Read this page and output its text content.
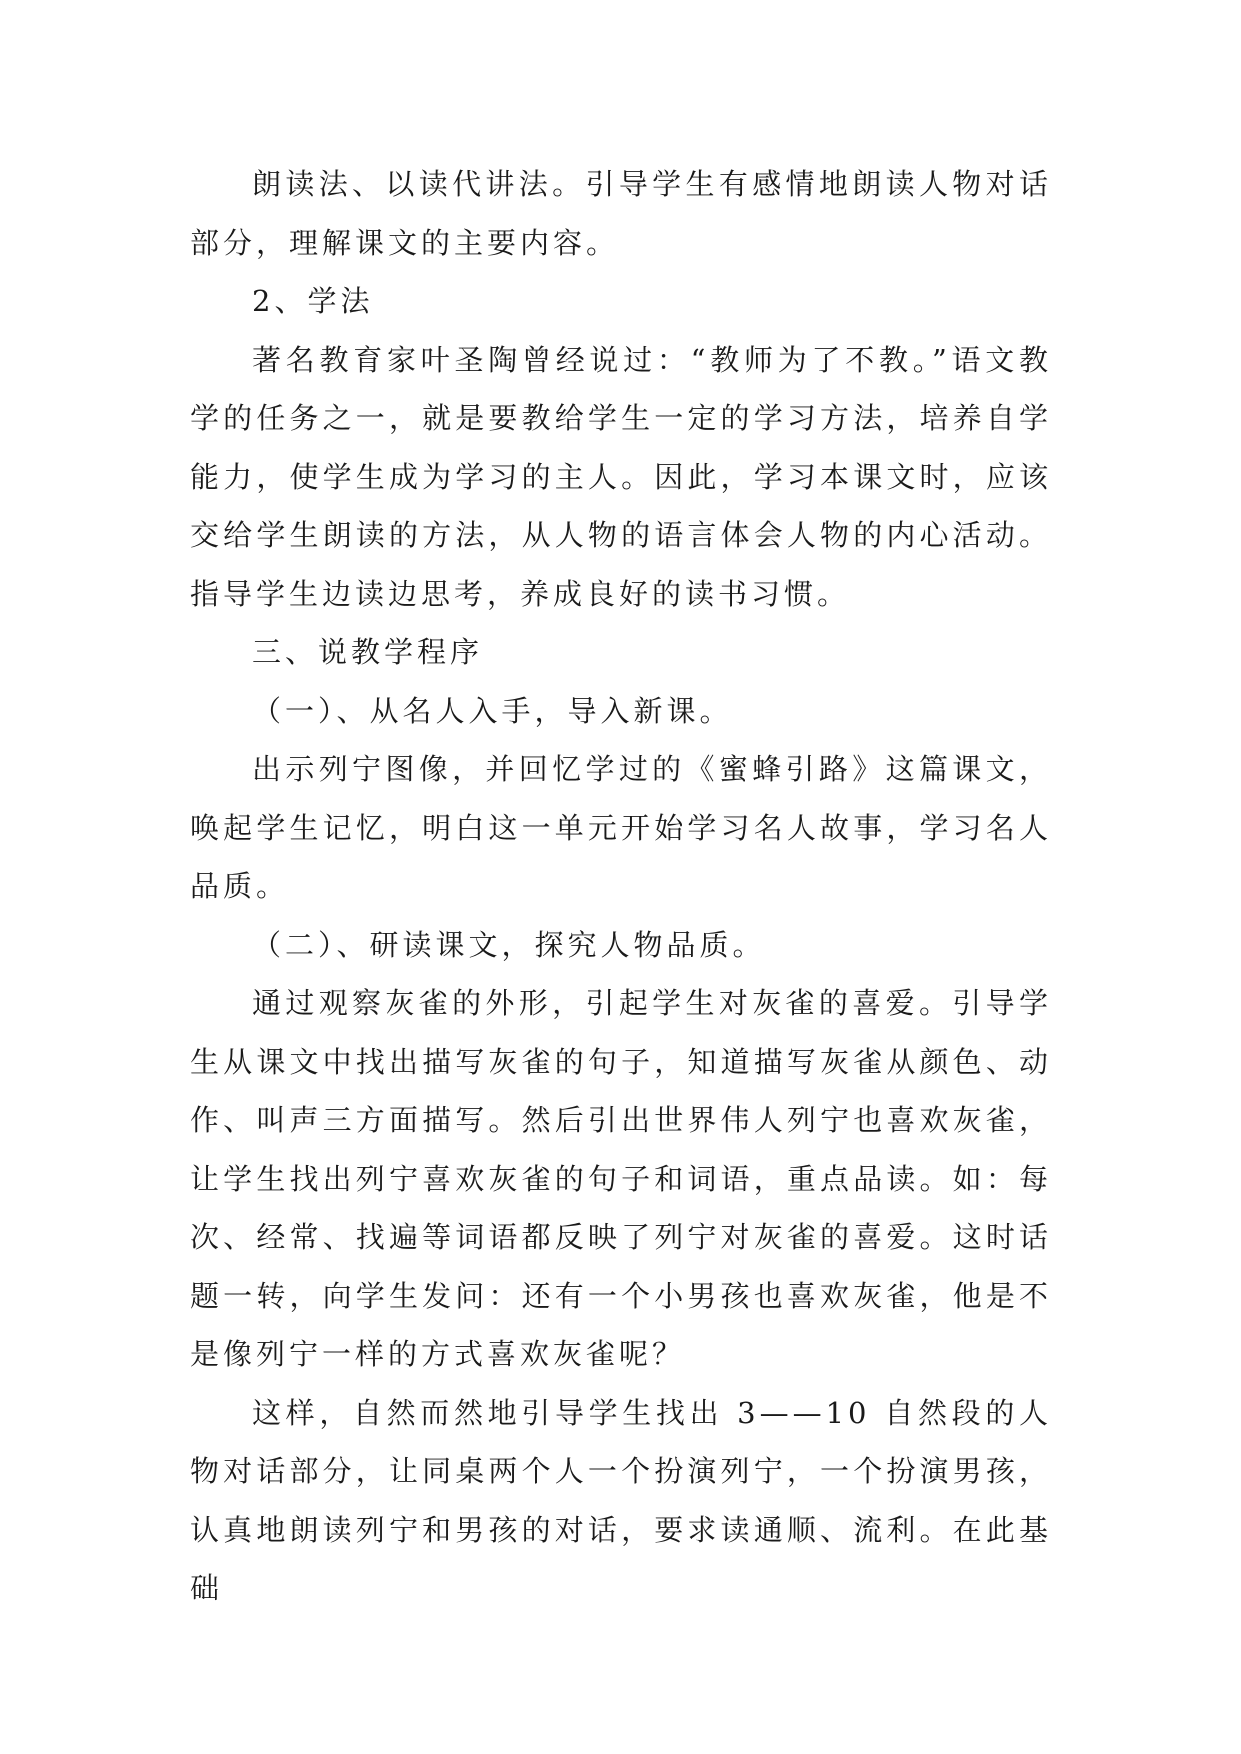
朗读法、以读代讲法。引导学生有感情地朗读人物对话部分，理解课文的主要内容。

2、学法

著名教育家叶圣陶曾经说过：“教师为了不教。”语文教学的任务之一，就是要教给学生一定的学习方法，培养自学能力，使学生成为学习的主人。因此，学习本课文时，应该交给学生朗读的方法，从人物的语言体会人物的内心活动。指导学生边读边思考，养成良好的读书习惯。

三、说教学程序

（一）、从名人入手，导入新课。

出示列宁图像，并回忆学过的《蜜蜂引路》这篇课文，唤起学生记忆，明白这一单元开始学习名人故事，学习名人品质。

（二）、研读课文，探究人物品质。

通过观察灰雀的外形，引起学生对灰雀的喜爱。引导学生从课文中找出描写灰雀的句子，知道描写灰雀从颜色、动作、叫声三方面描写。然后引出世界伟人列宁也喜欢灰雀，让学生找出列宁喜欢灰雀的句子和词语，重点品读。如：每次、经常、找遍等词语都反映了列宁对灰雀的喜爱。这时话题一转，向学生发问：还有一个小男孩也喜欢灰雀，他是不是像列宁一样的方式喜欢灰雀呢？

这样，自然而然地引导学生找出 3——10 自然段的人物对话部分，让同桌两个人一个扮演列宁，一个扮演男孩，认真地朗读列宁和男孩的对话，要求读通顺、流利。在此基础
